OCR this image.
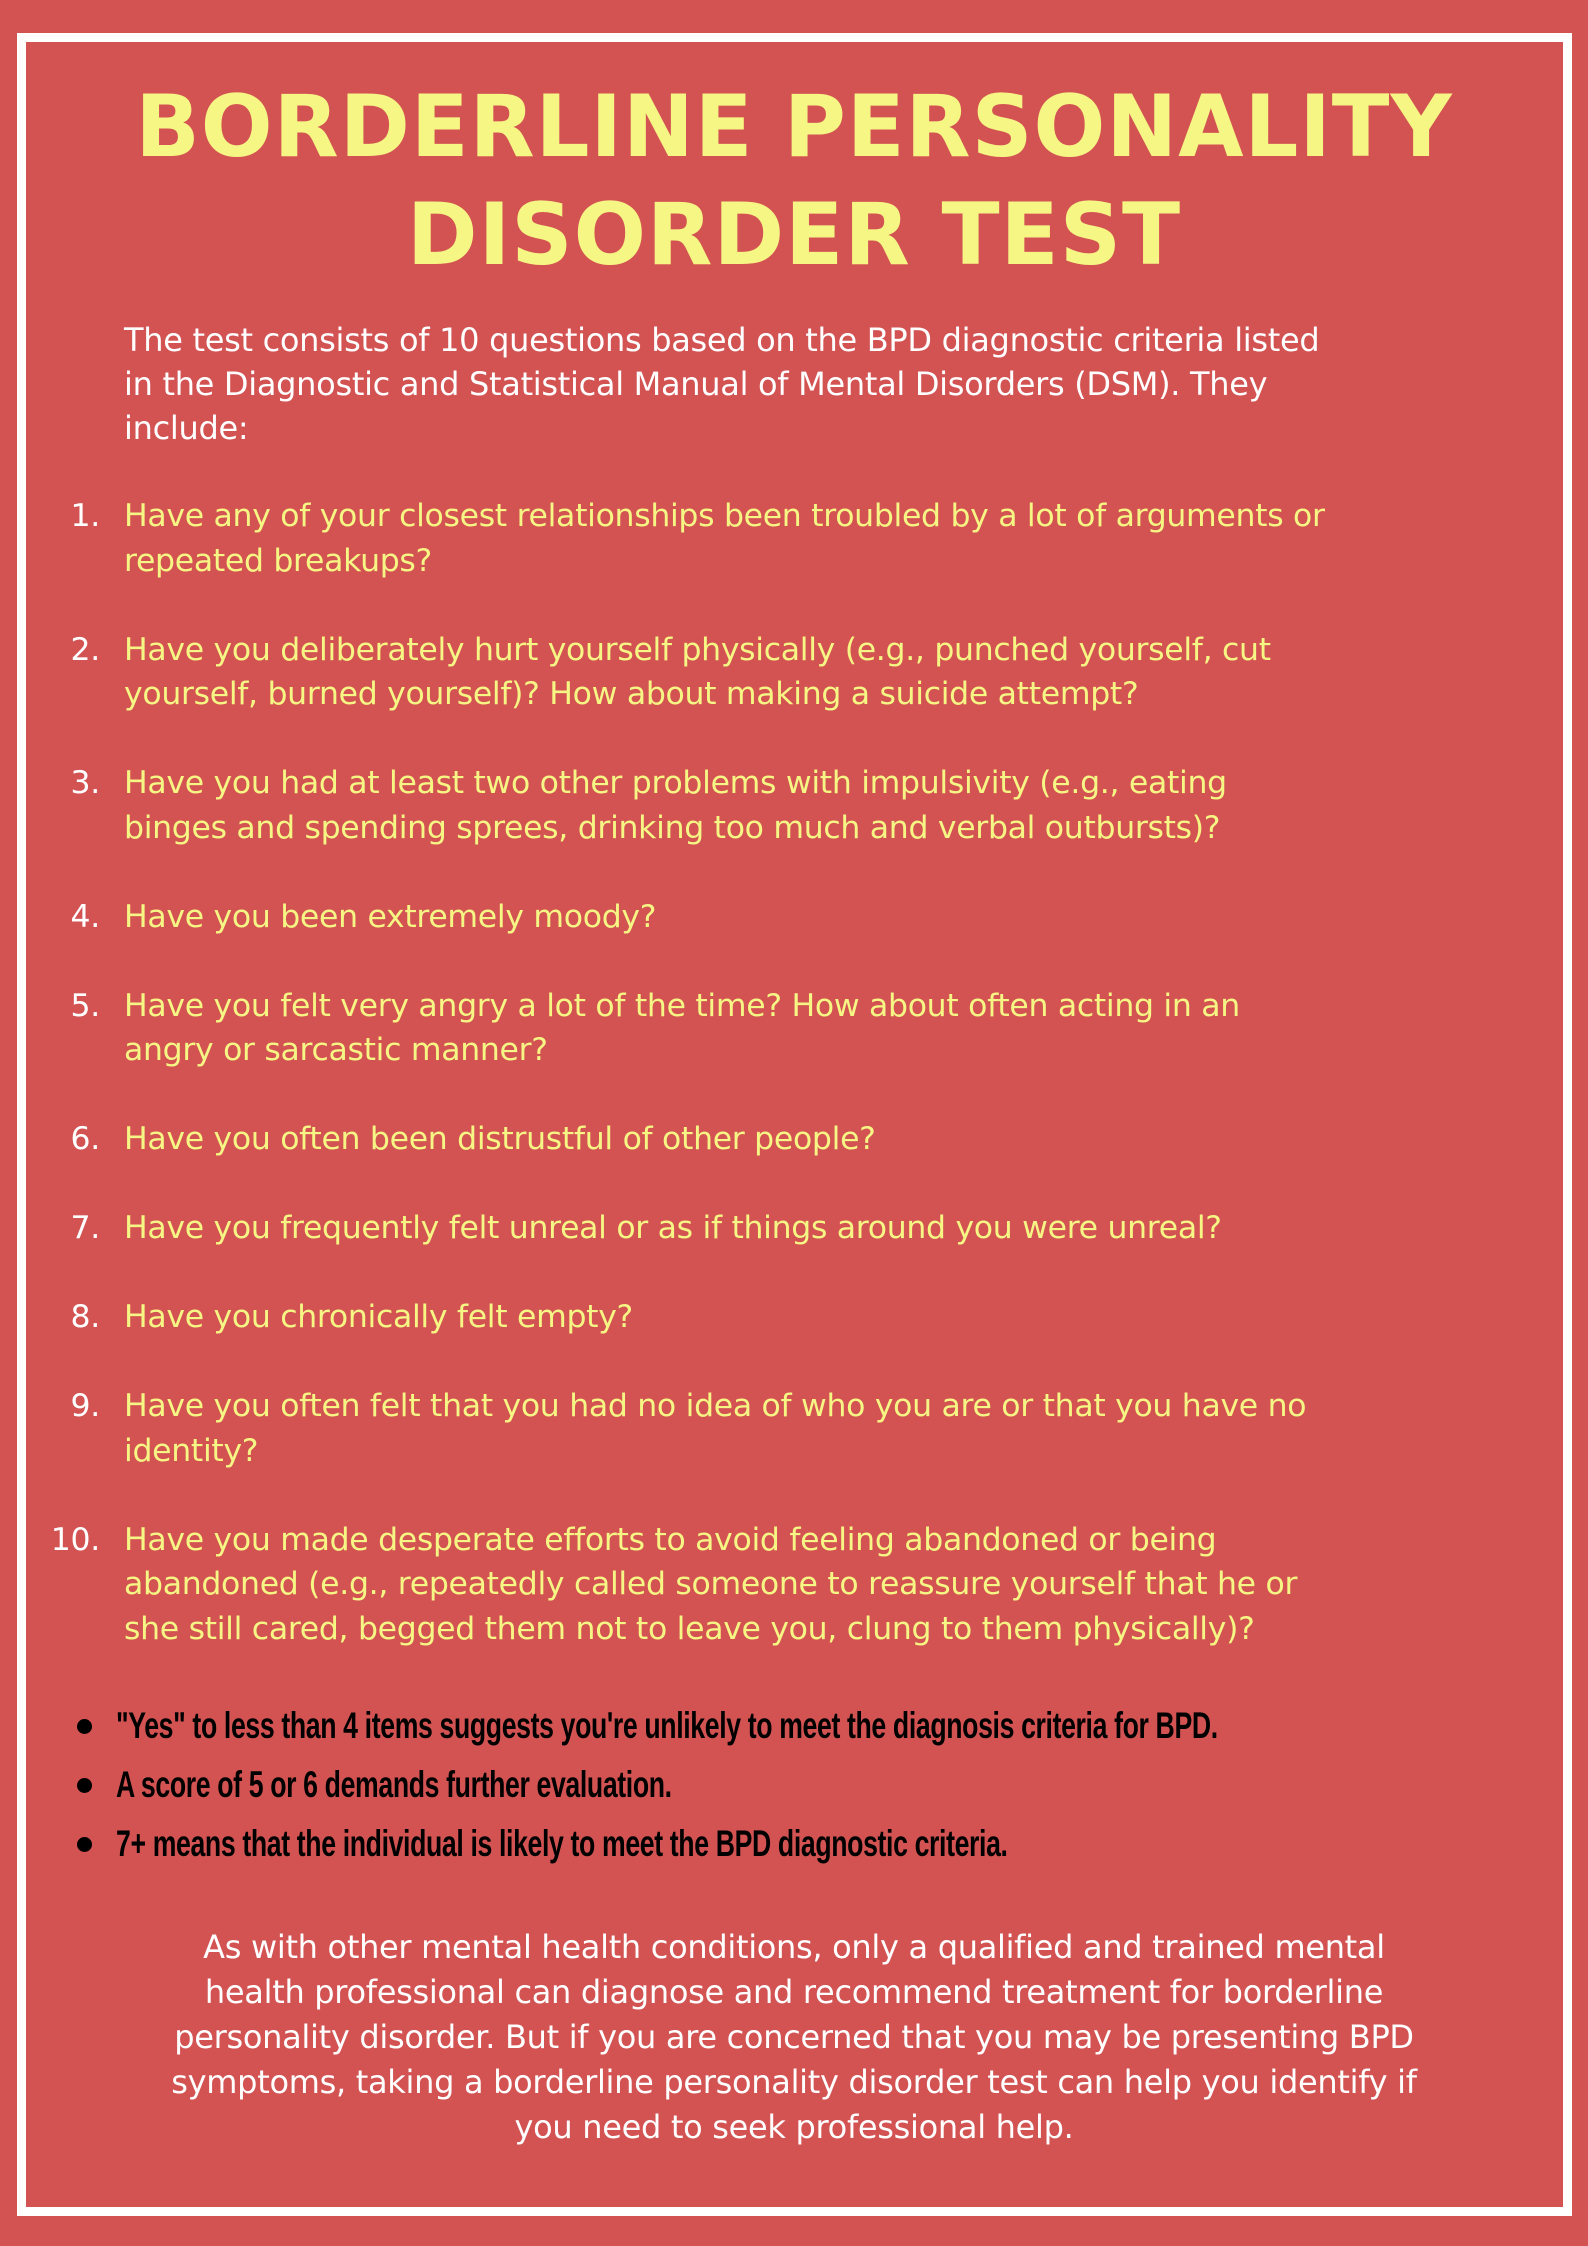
BORDERLINE PERSONALITY
DISORDER TEST

The test consists of 10 questions based on the BPD diagnostic criteria listed
in the Diagnostic and Statistical Manual of Mental Disorders (DSM). They
include:

1. Have any of your closest relationships been troubled by a lot of arguments or
repeated breakups?
2. Have you deliberately hurt yourself physically (e.g., punched yourself, cut
yourself, burned yourself)? How about making a suicide attempt?
3. Have you had at least two other problems with impulsivity (e.g., eating
binges and spending sprees, drinking too much and verbal outbursts)?
4. Have you been extremely moody?
5. Have you felt very angry a lot of the time? How about often acting in an
angry or sarcastic manner?
6. Have you often been distrustful of other people?
7. Have you frequently felt unreal or as if things around you were unreal?
8. Have you chronically felt empty?
9. Have you often felt that you had no idea of who you are or that you have no
identity?
10. Have you made desperate efforts to avoid feeling abandoned or being
abandoned (e.g., repeatedly called someone to reassure yourself that he or
she still cared, begged them not to leave you, clung to them physically)?
"Yes" to less than 4 items suggests you're unlikely to meet the diagnosis criteria for BPD.
A score of 5 or 6 demands further evaluation.
7+ means that the individual is likely to meet the BPD diagnostic criteria.

As with other mental health conditions, only a qualified and trained mental
health professional can diagnose and recommend treatment for borderline
personality disorder. But if you are concerned that you may be presenting BPD
symptoms, taking a borderline personality disorder test can help you identify if
you need to seek professional help.
